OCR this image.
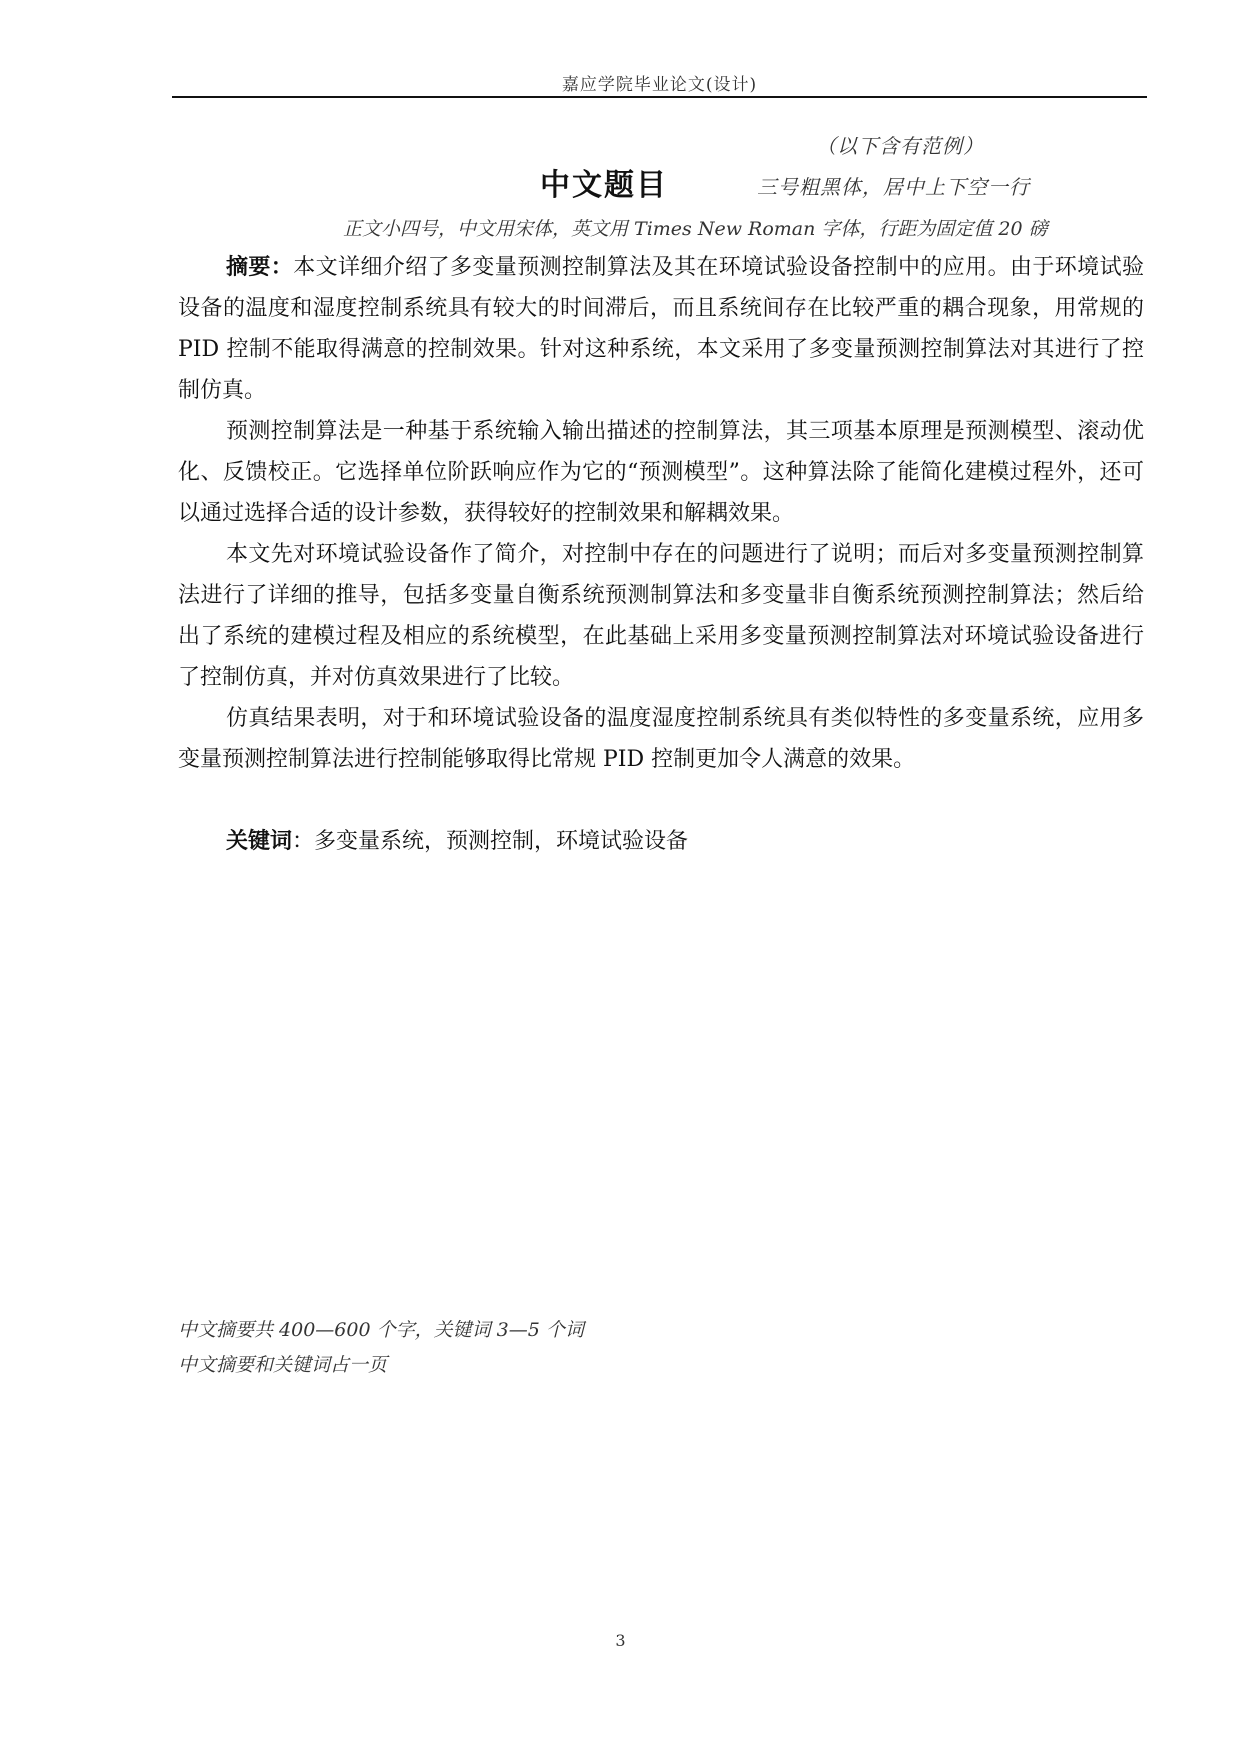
嘉应学院毕业论文(设计)
（以下含有范例）
中文题目	三号粗黑体，居中上下空一行
正文小四号，中文用宋体，英文用 Times New Roman 字体，行距为固定值 20 磅

摘要：本文详细介绍了多变量预测控制算法及其在环境试验设备控制中的应用。由于环境试验设备的温度和湿度控制系统具有较大的时间滞后，而且系统间存在比较严重的耦合现象，用常规的 PID 控制不能取得满意的控制效果。针对这种系统，本文采用了多变量预测控制算法对其进行了控制仿真。

预测控制算法是一种基于系统输入输出描述的控制算法，其三项基本原理是预测模型、滚动优化、反馈校正。它选择单位阶跃响应作为它的“预测模型”。这种算法除了能简化建模过程外，还可以通过选择合适的设计参数，获得较好的控制效果和解耦效果。

本文先对环境试验设备作了简介，对控制中存在的问题进行了说明；而后对多变量预测控制算法进行了详细的推导，包括多变量自衡系统预测制算法和多变量非自衡系统预测控制算法；然后给出了系统的建模过程及相应的系统模型，在此基础上采用多变量预测控制算法对环境试验设备进行了控制仿真，并对仿真效果进行了比较。

仿真结果表明，对于和环境试验设备的温度湿度控制系统具有类似特性的多变量系统，应用多变量预测控制算法进行控制能够取得比常规 PID 控制更加令人满意的效果。

关键词：多变量系统，预测控制，环境试验设备
中文摘要共 400—600 个字，关键词 3—5 个词
中文摘要和关键词占一页
3
